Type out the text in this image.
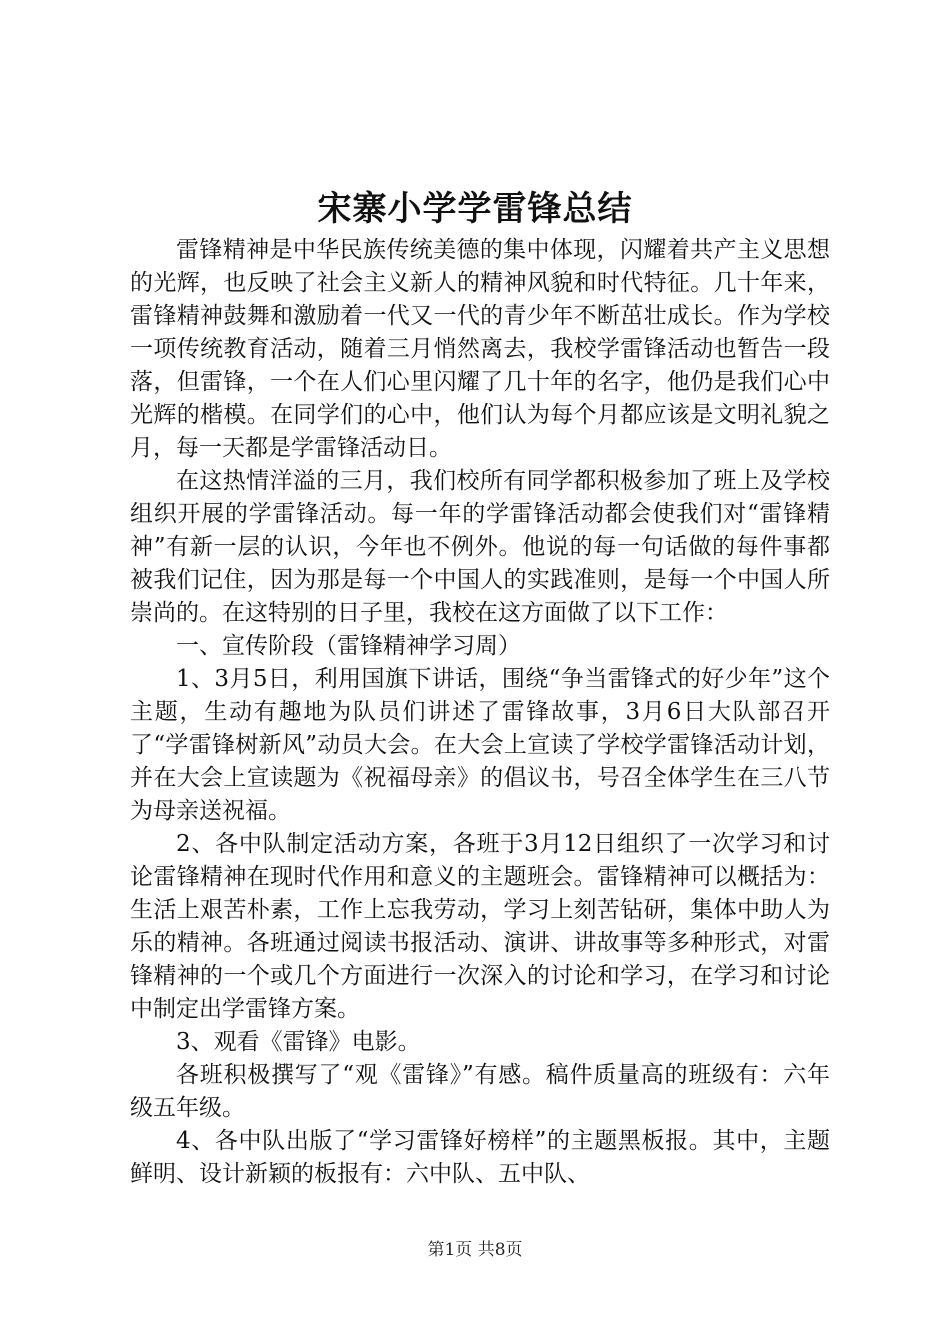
宋寨小学学雷锋总结

雷锋精神是中华民族传统美德的集中体现，闪耀着共产主义思想的光辉，也反映了社会主义新人的精神风貌和时代特征。几十年来，雷锋精神鼓舞和激励着一代又一代的青少年不断茁壮成长。作为学校一项传统教育活动，随着三月悄然离去，我校学雷锋活动也暂告一段落，但雷锋，一个在人们心里闪耀了几十年的名字，他仍是我们心中光辉的楷模。在同学们的心中，他们认为每个月都应该是文明礼貌之月，每一天都是学雷锋活动日。

在这热情洋溢的三月，我们校所有同学都积极参加了班上及学校组织开展的学雷锋活动。每一年的学雷锋活动都会使我们对“雷锋精神”有新一层的认识，今年也不例外。他说的每一句话做的每件事都被我们记住，因为那是每一个中国人的实践准则，是每一个中国人所崇尚的。在这特别的日子里，我校在这方面做了以下工作：

一、宣传阶段（雷锋精神学习周）

1、3月5日，利用国旗下讲话，围绕“争当雷锋式的好少年”这个主题，生动有趣地为队员们讲述了雷锋故事，3月6日大队部召开了“学雷锋树新风”动员大会。在大会上宣读了学校学雷锋活动计划，并在大会上宣读题为《祝福母亲》的倡议书，号召全体学生在三八节为母亲送祝福。

2、各中队制定活动方案，各班于3月12日组织了一次学习和讨论雷锋精神在现时代作用和意义的主题班会。雷锋精神可以概括为：生活上艰苦朴素，工作上忘我劳动，学习上刻苦钻研，集体中助人为乐的精神。各班通过阅读书报活动、演讲、讲故事等多种形式，对雷锋精神的一个或几个方面进行一次深入的讨论和学习，在学习和讨论中制定出学雷锋方案。

3、观看《雷锋》电影。

各班积极撰写了“观《雷锋》”有感。稿件质量高的班级有：六年级五年级。

4、各中队出版了“学习雷锋好榜样”的主题黑板报。其中，主题鲜明、设计新颖的板报有：六中队、五中队、

第1页 共8页
